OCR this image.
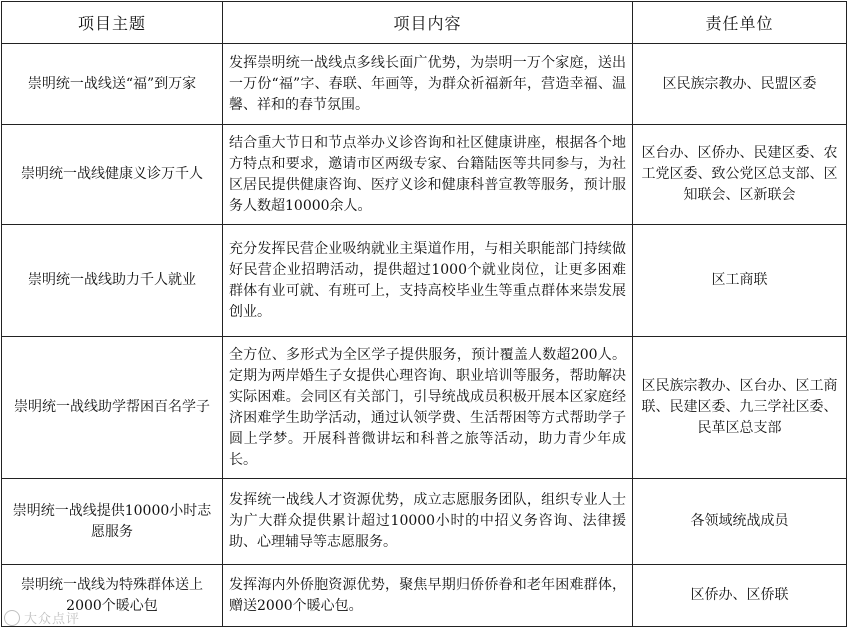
项目主题	项目内容	责任单位
崇明统一战线送“福”到万家	发挥崇明统一战线点多线长面广优势，为崇明一万个家庭，送出一万份“福”字、春联、年画等，为群众祈福新年，营造幸福、温馨、祥和的春节氛围。	区民族宗教办、民盟区委
崇明统一战线健康义诊万千人	结合重大节日和节点举办义诊咨询和社区健康讲座，根据各个地方特点和要求，邀请市区两级专家、台籍陆医等共同参与，为社区居民提供健康咨询、医疗义诊和健康科普宣教等服务，预计服务人数超10000余人。	区台办、区侨办、民建区委、农工党区委、致公党区总支部、区知联会、区新联会
崇明统一战线助力千人就业	充分发挥民营企业吸纳就业主渠道作用，与相关职能部门持续做好民营企业招聘活动，提供超过1000个就业岗位，让更多困难群体有业可就、有班可上，支持高校毕业生等重点群体来崇发展创业。	区工商联
崇明统一战线助学帮困百名学子	全方位、多形式为全区学子提供服务，预计覆盖人数超200人。定期为两岸婚生子女提供心理咨询、职业培训等服务，帮助解决实际困难。会同区有关部门，引导统战成员积极开展本区家庭经济困难学生助学活动，通过认领学费、生活帮困等方式帮助学子圆上学梦。开展科普微讲坛和科普之旅等活动，助力青少年成长。	区民族宗教办、区台办、区工商联、民建区委、九三学社区委、民革区总支部
崇明统一战线提供10000小时志愿服务	发挥统一战线人才资源优势，成立志愿服务团队，组织专业人士为广大群众提供累计超过10000小时的中招义务咨询、法律援助、心理辅导等志愿服务。	各领域统战成员
崇明统一战线为特殊群体送上2000个暖心包	发挥海内外侨胞资源优势，聚焦早期归侨侨眷和老年困难群体，赠送2000个暖心包。	区侨办、区侨联
大众点评
